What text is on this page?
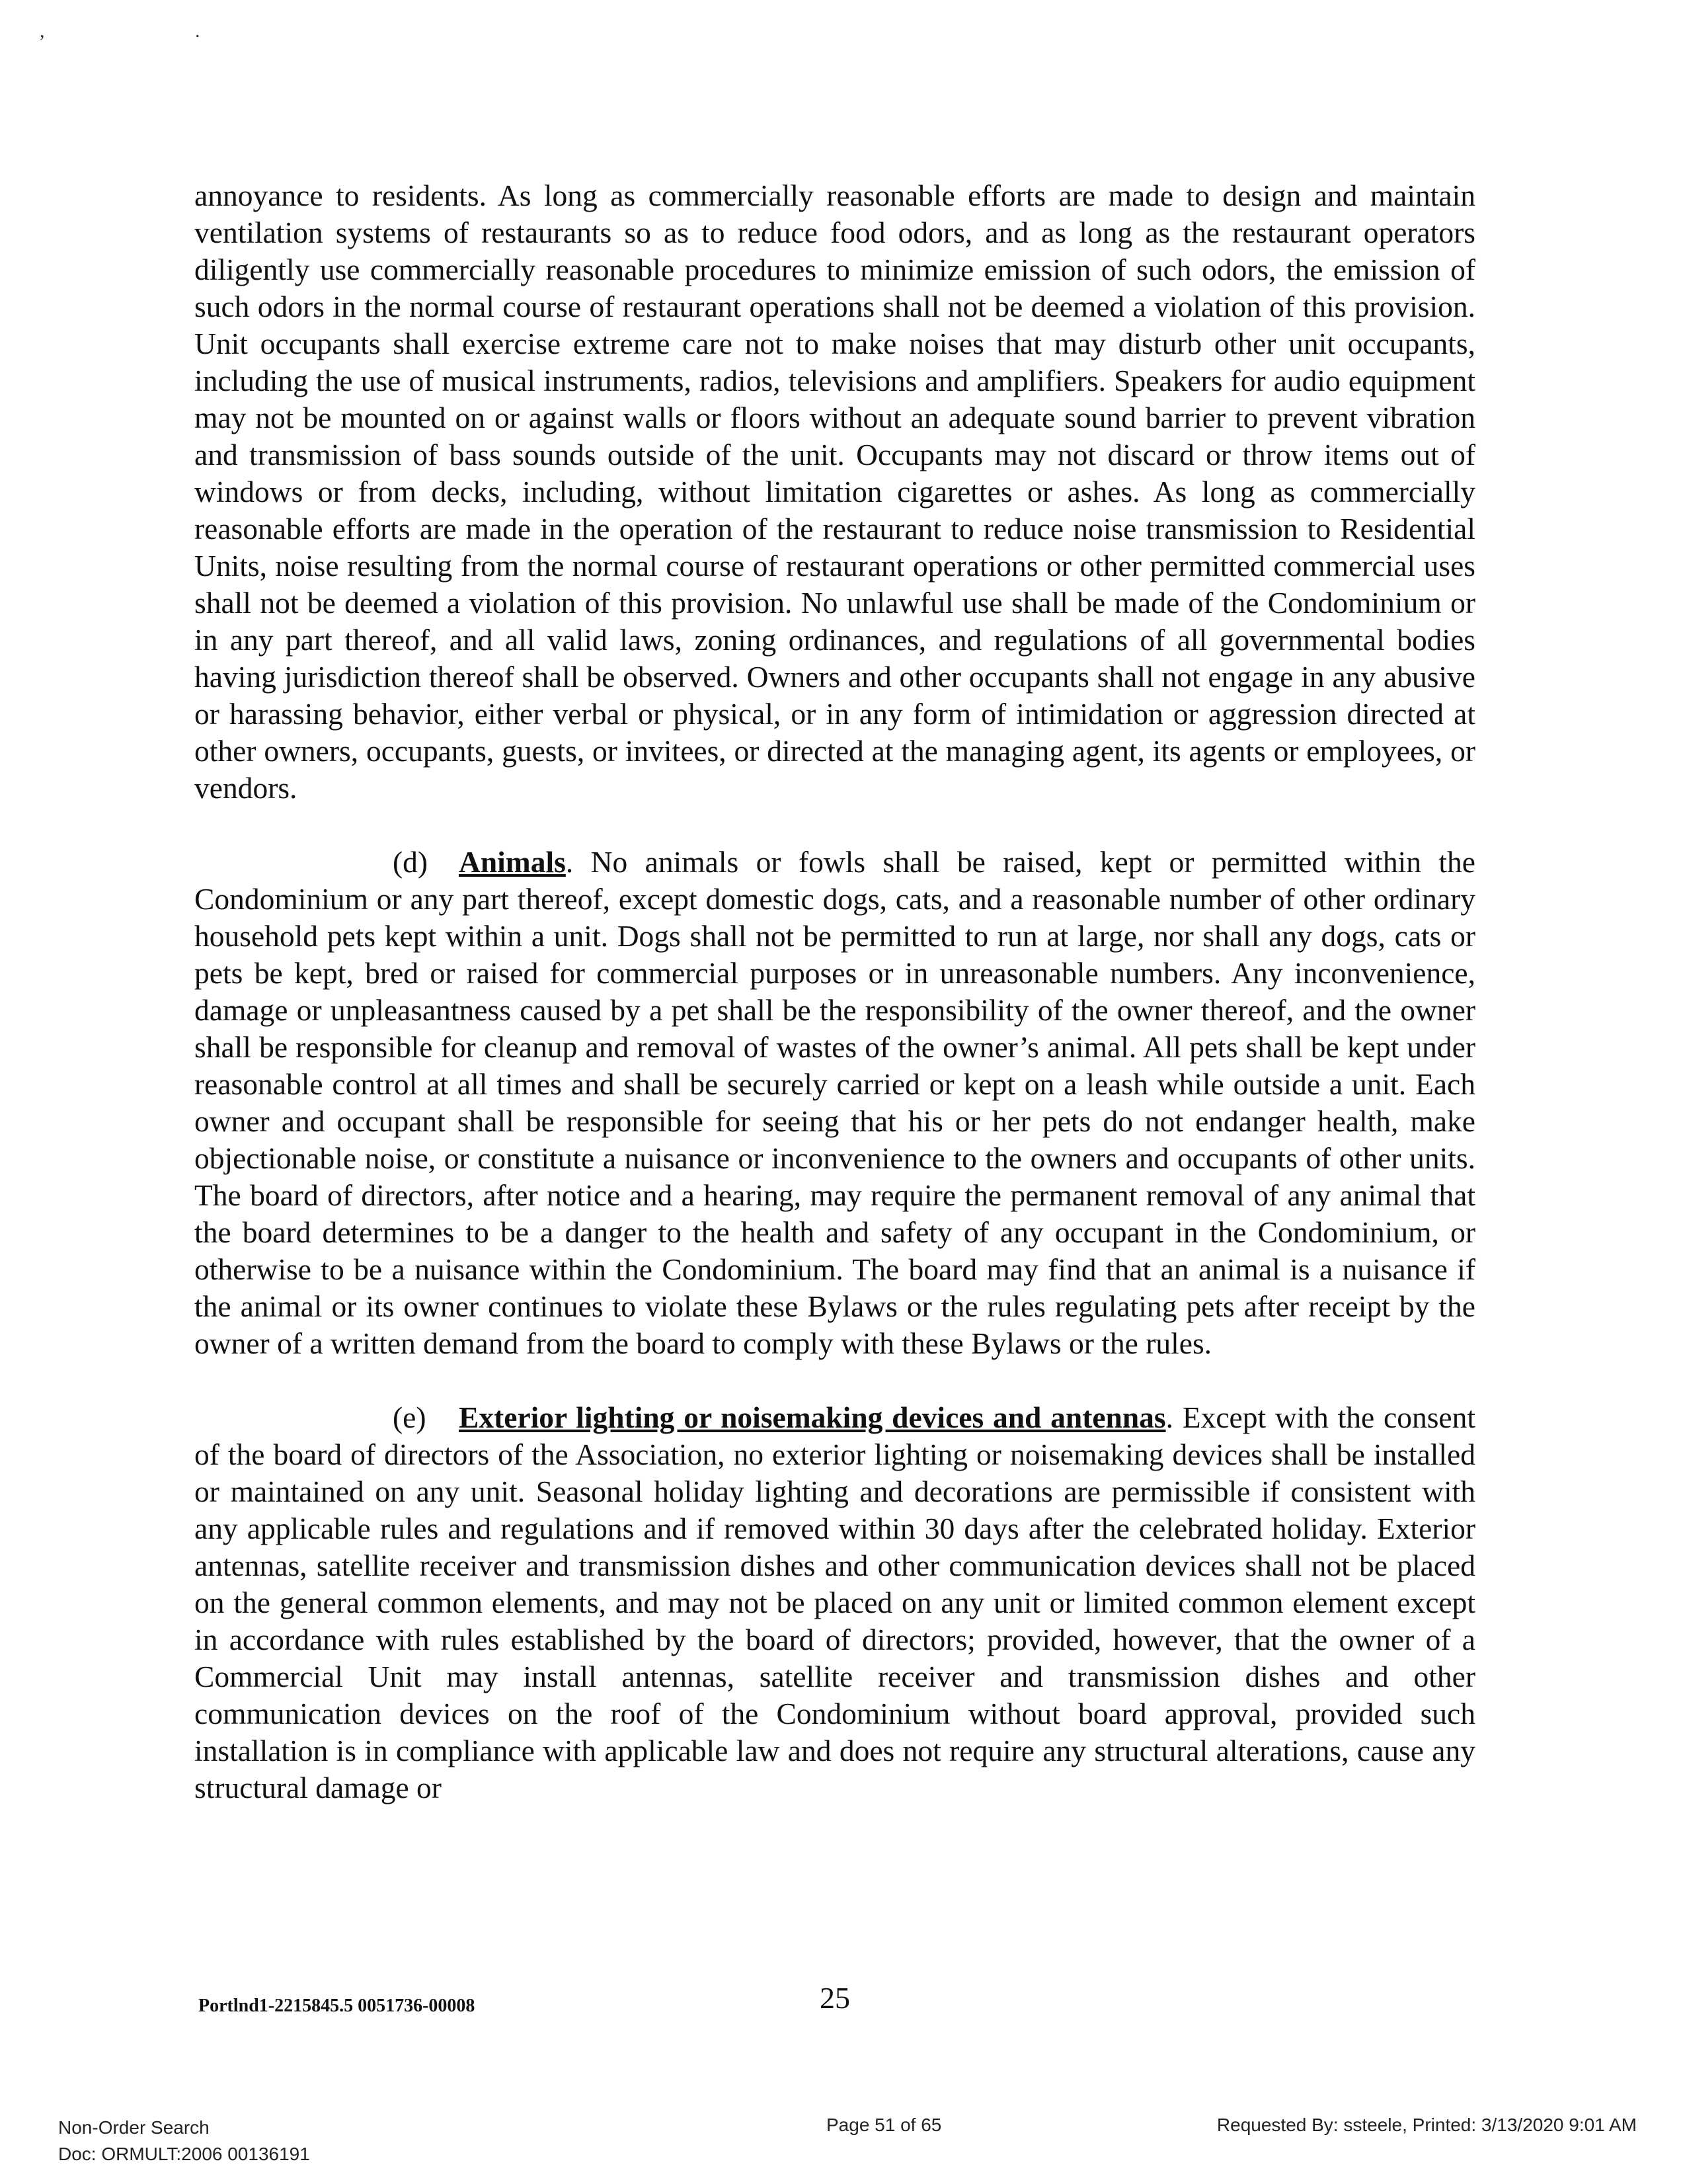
, .

annoyance to residents. As long as commercially reasonable efforts are made to design and maintain ventilation systems of restaurants so as to reduce food odors, and as long as the restaurant operators diligently use commercially reasonable procedures to minimize emission of such odors, the emission of such odors in the normal course of restaurant operations shall not be deemed a violation of this provision. Unit occupants shall exercise extreme care not to make noises that may disturb other unit occupants, including the use of musical instruments, radios, televisions and amplifiers. Speakers for audio equipment may not be mounted on or against walls or floors without an adequate sound barrier to prevent vibration and transmission of bass sounds outside of the unit. Occupants may not discard or throw items out of windows or from decks, including, without limitation cigarettes or ashes. As long as commercially reasonable efforts are made in the operation of the restaurant to reduce noise transmission to Residential Units, noise resulting from the normal course of restaurant operations or other permitted commercial uses shall not be deemed a violation of this provision. No unlawful use shall be made of the Condominium or in any part thereof, and all valid laws, zoning ordinances, and regulations of all governmental bodies having jurisdiction thereof shall be observed. Owners and other occupants shall not engage in any abusive or harassing behavior, either verbal or physical, or in any form of intimidation or aggression directed at other owners, occupants, guests, or invitees, or directed at the managing agent, its agents or employees, or vendors.

(d) Animals. No animals or fowls shall be raised, kept or permitted within the Condominium or any part thereof, except domestic dogs, cats, and a reasonable number of other ordinary household pets kept within a unit. Dogs shall not be permitted to run at large, nor shall any dogs, cats or pets be kept, bred or raised for commercial purposes or in unreasonable numbers. Any inconvenience, damage or unpleasantness caused by a pet shall be the responsibility of the owner thereof, and the owner shall be responsible for cleanup and removal of wastes of the owner’s animal. All pets shall be kept under reasonable control at all times and shall be securely carried or kept on a leash while outside a unit. Each owner and occupant shall be responsible for seeing that his or her pets do not endanger health, make objectionable noise, or constitute a nuisance or inconvenience to the owners and occupants of other units. The board of directors, after notice and a hearing, may require the permanent removal of any animal that the board determines to be a danger to the health and safety of any occupant in the Condominium, or otherwise to be a nuisance within the Condominium. The board may find that an animal is a nuisance if the animal or its owner continues to violate these Bylaws or the rules regulating pets after receipt by the owner of a written demand from the board to comply with these Bylaws or the rules.

(e) Exterior lighting or noisemaking devices and antennas. Except with the consent of the board of directors of the Association, no exterior lighting or noisemaking devices shall be installed or maintained on any unit. Seasonal holiday lighting and decorations are permissible if consistent with any applicable rules and regulations and if removed within 30 days after the celebrated holiday. Exterior antennas, satellite receiver and transmission dishes and other communication devices shall not be placed on the general common elements, and may not be placed on any unit or limited common element except in accordance with rules established by the board of directors; provided, however, that the owner of a Commercial Unit may install antennas, satellite receiver and transmission dishes and other communication devices on the roof of the Condominium without board approval, provided such installation is in compliance with applicable law and does not require any structural alterations, cause any structural damage or

Portlnd1-2215845.5 0051736-00008	25
Non-Order Search
Doc: ORMULT:2006 00136191
Page 51 of 65	Requested By: ssteele, Printed: 3/13/2020 9:01 AM
